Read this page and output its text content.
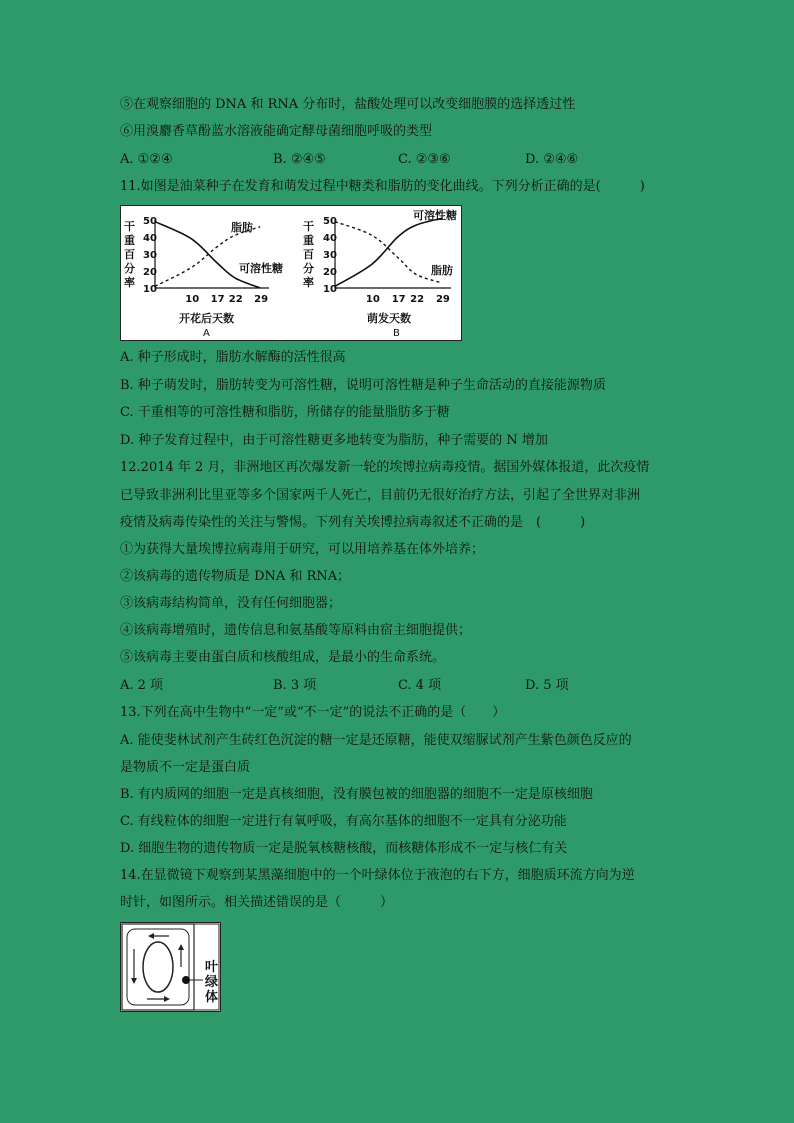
⑤在观察细胞的 DNA 和 RNA 分布时，盐酸处理可以改变细胞膜的选择透过性
⑥用溴麝香草酚蓝水溶液能确定酵母菌细胞呼吸的类型
A. ①②④	B. ②④⑤	C. ②③⑥	D. ②④⑥
11.如图是油菜种子在发育和萌发过程中糖类和脂肪的变化曲线。下列分析正确的是(　　　)
干
重
百
分
率
50
40
30
20
10
10 17 22 29
脂肪
可溶性糖
开花后天数
A
干
重
百
分
率
50
40
30
20
10
10 17 22 29
可溶性糖
脂肪
萌发天数
B
A. 种子形成时，脂肪水解酶的活性很高
B. 种子萌发时，脂肪转变为可溶性糖，说明可溶性糖是种子生命活动的直接能源物质
C. 干重相等的可溶性糖和脂肪，所储存的能量脂肪多于糖
D. 种子发育过程中，由于可溶性糖更多地转变为脂肪，种子需要的 N 增加
12.2014 年 2 月，非洲地区再次爆发新一轮的埃博拉病毒疫情。据国外媒体报道，此次疫情
已导致非洲利比里亚等多个国家两千人死亡，目前仍无很好治疗方法，引起了全世界对非洲
疫情及病毒传染性的关注与警惕。下列有关埃博拉病毒叙述不正确的是　(　　　)
①为获得大量埃博拉病毒用于研究，可以用培养基在体外培养；
②该病毒的遗传物质是 DNA 和 RNA；
③该病毒结构简单，没有任何细胞器；
④该病毒增殖时，遗传信息和氨基酸等原料由宿主细胞提供；
⑤该病毒主要由蛋白质和核酸组成，是最小的生命系统。
A. 2 项	B. 3 项	C. 4 项	D. 5 项
13.下列在高中生物中“一定”或“不一定”的说法不正确的是（　　）
A. 能使斐林试剂产生砖红色沉淀的糖一定是还原糖，能使双缩脲试剂产生紫色颜色反应的
是物质不一定是蛋白质
B. 有内质网的细胞一定是真核细胞，没有膜包被的细胞器的细胞不一定是原核细胞
C. 有线粒体的细胞一定进行有氧呼吸，有高尔基体的细胞不一定具有分泌功能
D. 细胞生物的遗传物质一定是脱氧核糖核酸，而核糖体形成不一定与核仁有关
14.在显微镜下观察到某黑藻细胞中的一个叶绿体位于液泡的右下方，细胞质环流方向为逆
时针，如图所示。相关描述错误的是（　　　）
叶
绿
体
